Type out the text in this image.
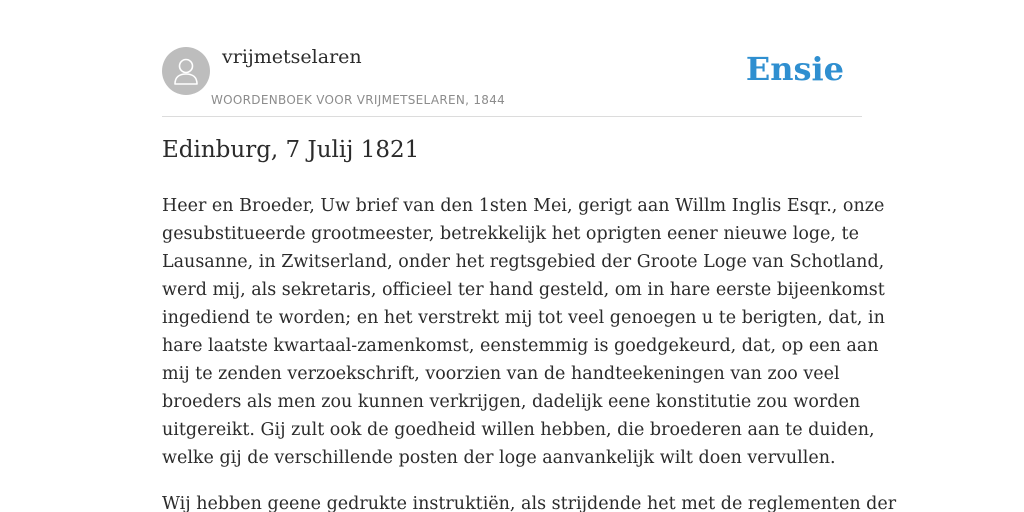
vrijmetselaren
WOORDENBOEK VOOR VRIJMETSELAREN, 1844
Ensie
Edinburg, 7 Julij 1821

Heer en Broeder, Uw brief van den 1sten Mei, gerigt aan Willm Inglis Esqr., onze
gesubstitueerde grootmeester, betrekkelijk het oprigten eener nieuwe loge, te
Lausanne, in Zwitserland, onder het regtsgebied der Groote Loge van Schotland,
werd mij, als sekretaris, officieel ter hand gesteld, om in hare eerste bijeenkomst
ingediend te worden; en het verstrekt mij tot veel genoegen u te berigten, dat, in
hare laatste kwartaal-zamenkomst, eenstemmig is goedgekeurd, dat, op een aan
mij te zenden verzoekschrift, voorzien van de handteekeningen van zoo veel
broeders als men zou kunnen verkrijgen, dadelijk eene konstitutie zou worden
uitgereikt. Gij zult ook de goedheid willen hebben, die broederen aan te duiden,
welke gij de verschillende posten der loge aanvankelijk wilt doen vervullen.

Wij hebben geene gedrukte instruktiën, als strijdende het met de reglementen der
